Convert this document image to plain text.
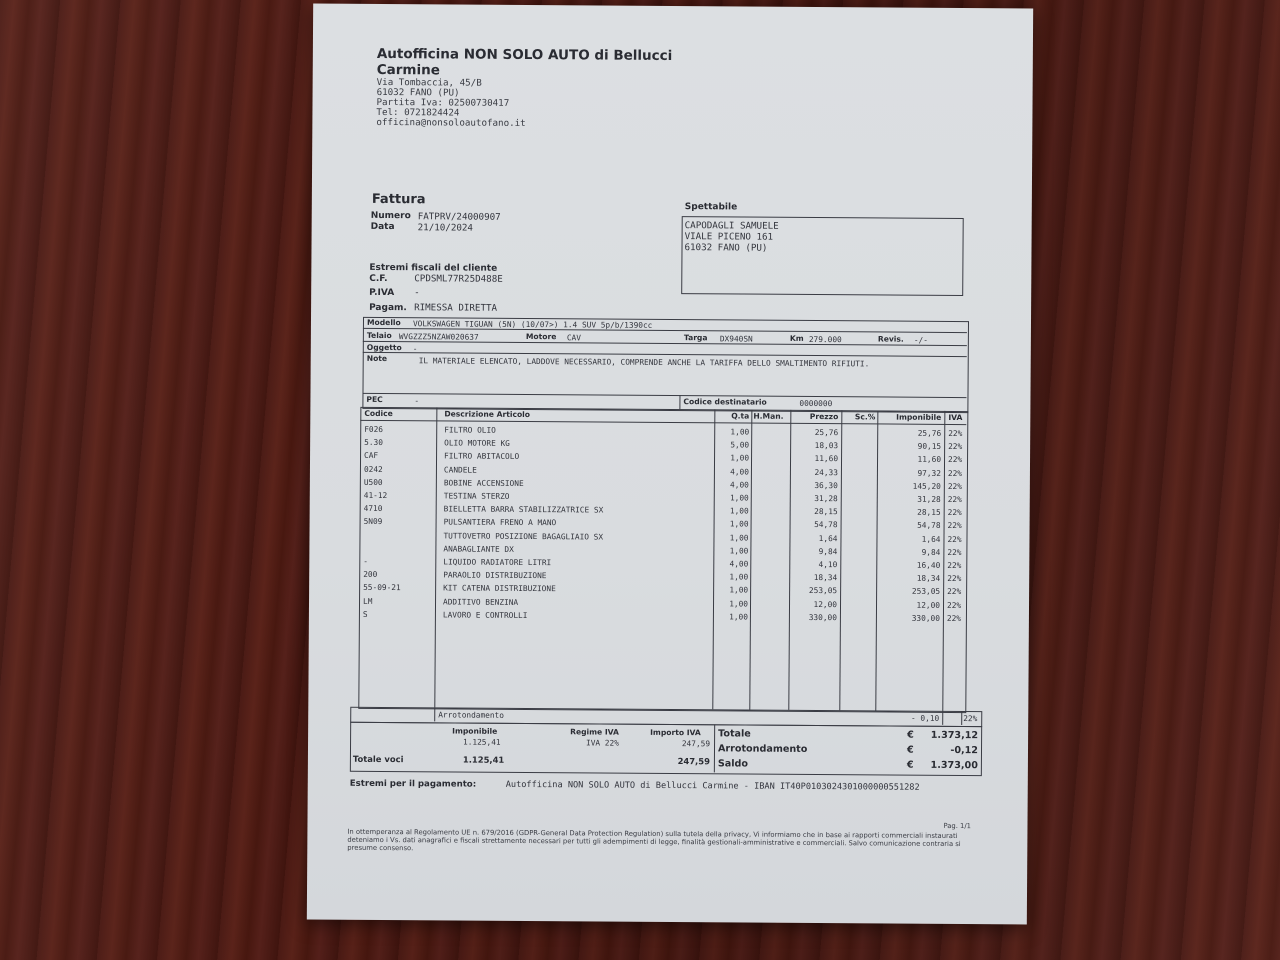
Autofficina NON SOLO AUTO di Bellucci
Carmine
Via Tombaccia, 45/B
61032 FANO (PU)
Partita Iva: 02500730417
Tel: 0721824424
officina@nonsoloautofano.it
Fattura
Numero FATPRV/24000907
Data	21/10/2024
Spettabile
CAPODAGLI SAMUELE
VIALE PICENO 161
61032 FANO (PU)
Estremi fiscali del cliente
C.F.	CPDSML77R25D488E
P.IVA -
Pagam. RIMESSA DIRETTA
Modello VOLKSWAGEN TIGUAN (5N) (10/07>) 1.4 SUV 5p/b/1390cc
Telaio WVGZZZ5NZAW020637	Motore CAV	Targa DX940SN	Km 279.000	Revis. -/-
Oggetto -
Note	IL MATERIALE ELENCATO, LADDOVE NECESSARIO, COMPRENDE ANCHE LA TARIFFA DELLO SMALTIMENTO RIFIUTI.
PEC	-	Codice destinatario	0000000
Codice	Descrizione Articolo	Q.ta H.Man.	Prezzo	Sc.%	Imponibile IVA
Arrotondamento	- 0,10	22%
Imponibile
1.125,41
Regime IVA
IVA 22%
Importo IVA
247,59
Totale voci	1.125,41	247,59
Totale	€	1.373,12
Arrotondamento	€	-0,12
Saldo	€	1.373,00
Estremi per il pagamento:	Autofficina NON SOLO AUTO di Bellucci Carmine - IBAN IT40P0103024301000000551282
Pag. 1/1
In ottemperanza al Regolamento UE n. 679/2016 (GDPR-General Data Protection Regulation) sulla tutela della privacy, Vi informiamo che in base ai rapporti commerciali instaurati deteniamo i Vs. dati anagrafici e fiscali strettamente necessari per tutti gli adempimenti di legge, finalità gestionali-amministrative e commerciali. Salvo comunicazione contraria si presume consenso.
F026	FILTRO OLIO	1,00	25,76	25,76 22%
5.30	OLIO MOTORE KG	5,00	18,03	90,15 22%
CAF	FILTRO ABITACOLO	1,00	11,60	11,60 22%
0242	CANDELE	4,00	24,33	97,32 22%
U500	BOBINE ACCENSIONE	4,00	36,30	145,20 22%
41-12	TESTINA STERZO	1,00	31,28	31,28 22%
4710	BIELLETTA BARRA STABILIZZATRICE SX	1,00	28,15	28,15 22%
5N09	PULSANTIERA FRENO A MANO	1,00	54,78	54,78 22%
TUTTOVETRO POSIZIONE BAGAGLIAIO SX	1,00	1,64	1,64 22%
ANABAGLIANTE DX	1,00	9,84	9,84 22%
-	LIQUIDO RADIATORE LITRI	4,00	4,10	16,40 22%
200	PARAOLIO DISTRIBUZIONE	1,00	18,34	18,34 22%
55-09-21	KIT CATENA DISTRIBUZIONE	1,00	253,05	253,05 22%
LM	ADDITIVO BENZINA	1,00	12,00	12,00 22%
S	LAVORO E CONTROLLI	1,00	330,00	330,00 22%
